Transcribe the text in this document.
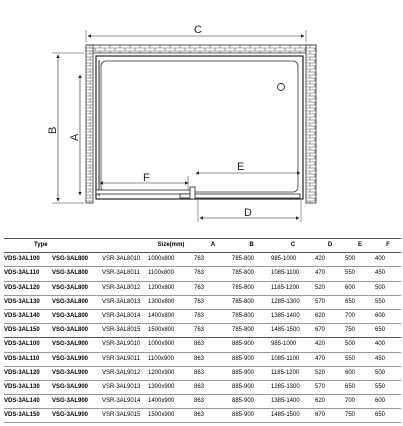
C
B
A
E
F
D
Type			Size(mm)	A	B	C	D	E	F
VDS-3AL100	VSG-3AL800	VSR-3AL8010	1000x800	763	785-800	985-1000	420	500	400
VDS-3AL110	VSG-3AL800	VSR-3AL8011	1100x800	763	785-800	1085-1100	470	550	450
VDS-3AL120	VSG-3AL800	VSR-3AL8012	1200x800	763	785-800	1185-1200	520	600	500
VDS-3AL130	VSG-3AL800	VSR-3AL8013	1300x800	763	785-800	1285-1300	570	650	550
VDS-3AL140	VSG-3AL800	VSR-3AL8014	1400x800	763	785-800	1385-1400	620	700	600
VDS-3AL150	VSG-3AL800	VSR-3AL8015	1500x800	763	785-800	1485-1500	670	750	650
VDS-3AL100	VSG-3AL900	VSR-3AL9010	1000x900	863	885-900	985-1000	420	500	400
VDS-3AL110	VSG-3AL900	VSR-3AL9011	1100x900	863	885-900	1085-1100	470	550	450
VDS-3AL120	VSG-3AL900	VSR-3AL9012	1200x900	863	885-900	1185-1200	520	600	500
VDS-3AL130	VSG-3AL900	VSR-3AL9013	1300x900	863	885-900	1285-1300	570	650	550
VDS-3AL140	VSG-3AL900	VSR-3AL9014	1400x900	863	885-900	1385-1400	620	700	600
VDS-3AL150	VSG-3AL900	VSR-3AL9015	1500x900	863	885-900	1485-1500	670	750	650
